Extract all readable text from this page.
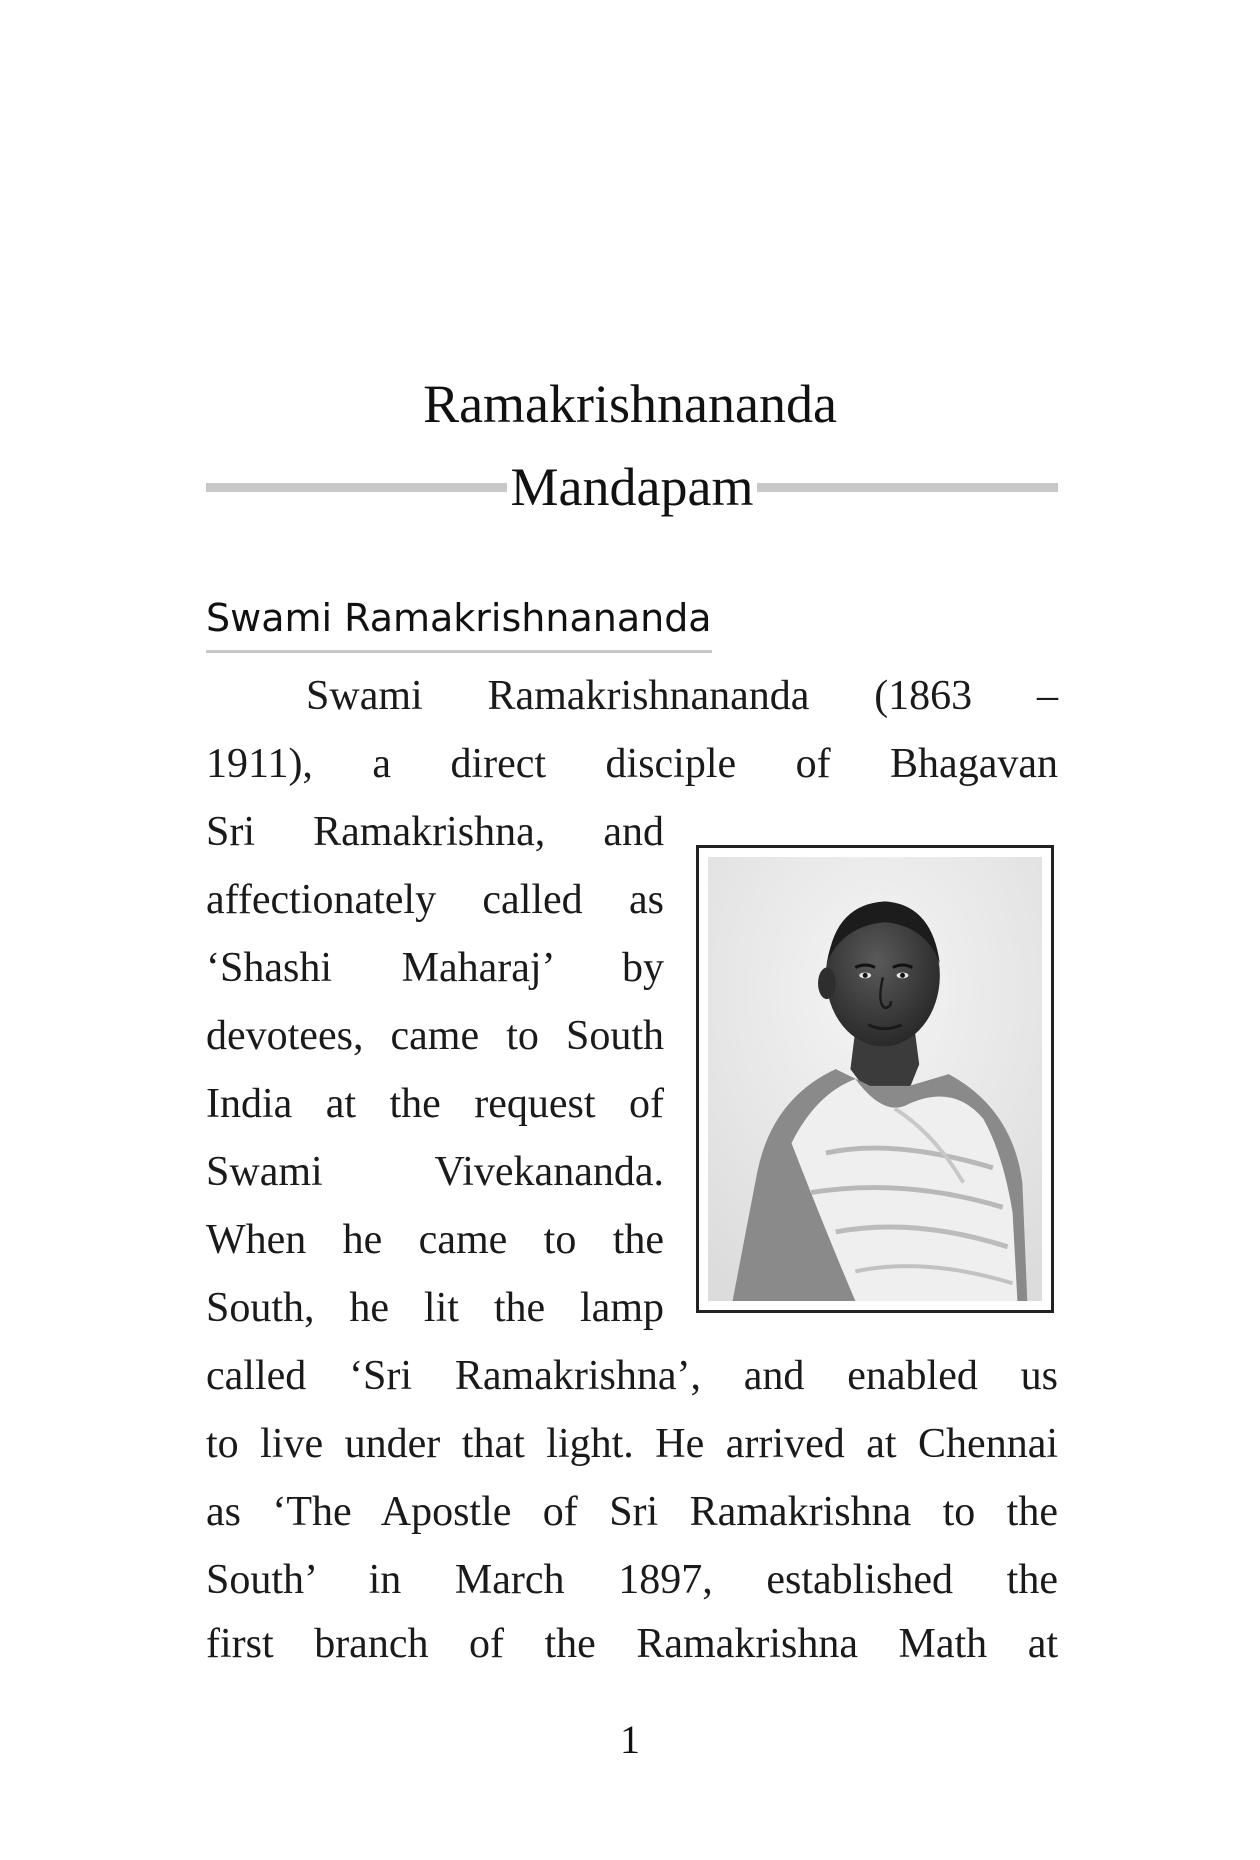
Ramakrishnananda
Mandapam
Swami Ramakrishnananda
Swami Ramakrishnananda (1863 –
1911), a direct disciple of Bhagavan
Sri Ramakrishna, and
affectionately called as
‘Shashi Maharaj’ by
devotees, came to South
India at the request of
Swami Vivekananda.
When he came to the
South, he lit the lamp
called ‘Sri Ramakrishna’, and enabled us
to live under that light. He arrived at Chennai
as ‘The Apostle of Sri Ramakrishna to the
South’ in March 1897, established the
first branch of the Ramakrishna Math at
1
